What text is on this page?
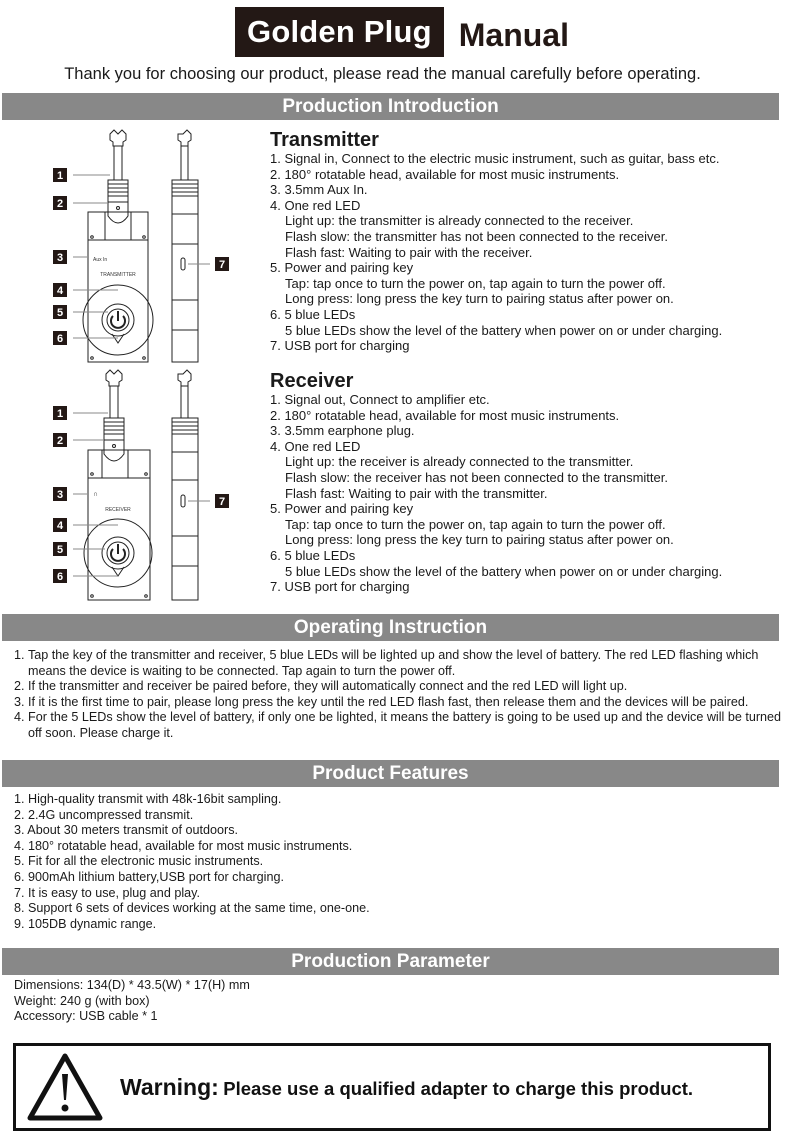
Golden Plug Manual
Thank you for choosing our product, please read the manual carefully before operating.
Production Introduction
Aux In
TRANSMITTER
1
2
3
4
5
6
7
Transmitter
1. Signal in, Connect to the electric music instrument, such as guitar, bass etc.
2. 180° rotatable head, available for most music instruments.
3. 3.5mm Aux In.
4. One red LED
Light up: the transmitter is already connected to the receiver.
Flash slow: the transmitter has not been connected to the receiver.
Flash fast: Waiting to pair with the receiver.
5. Power and pairing key
Tap: tap once to turn the power on, tap again to turn the power off.
Long press: long press the key turn to pairing status after power on.
6. 5 blue LEDs
5 blue LEDs show the level of the battery when power on or under charging.
7. USB port for charging
∩
RECEIVER
1
2
3
4
5
6
7
Receiver
1. Signal out, Connect to amplifier etc.
2. 180° rotatable head, available for most music instruments.
3. 3.5mm earphone plug.
4. One red LED
Light up: the receiver is already connected to the transmitter.
Flash slow: the receiver has not been connected to the transmitter.
Flash fast: Waiting to pair with the transmitter.
5. Power and pairing key
Tap: tap once to turn the power on, tap again to turn the power off.
Long press: long press the key turn to pairing status after power on.
6. 5 blue LEDs
5 blue LEDs show the level of the battery when power on or under charging.
7. USB port for charging
Operating Instruction
1. Tap the key of the transmitter and receiver, 5 blue LEDs will be lighted up and show the level of battery. The red LED flashing which means the device is waiting to be connected. Tap again to turn the power off.
2. If the transmitter and receiver be paired before, they will automatically connect and the red LED will light up.
3. If it is the first time to pair, please long press the key until the red LED flash fast, then release them and the devices will be paired.
4. For the 5 LEDs show the level of battery, if only one be lighted, it means the battery is going to be used up and the device will be turned off soon. Please charge it.
Product Features
1. High-quality transmit with 48k-16bit sampling.
2. 2.4G uncompressed transmit.
3. About 30 meters transmit of outdoors.
4. 180° rotatable head, available for most music instruments.
5. Fit for all the electronic music instruments.
6. 900mAh lithium battery,USB port for charging.
7. It is easy to use, plug and play.
8. Support 6 sets of devices working at the same time, one-one.
9. 105DB dynamic range.
Production Parameter
Dimensions: 134(D) * 43.5(W) * 17(H) mm
Weight: 240 g (with box)
Accessory: USB cable * 1
Warning: Please use a qualified adapter to charge this product.
